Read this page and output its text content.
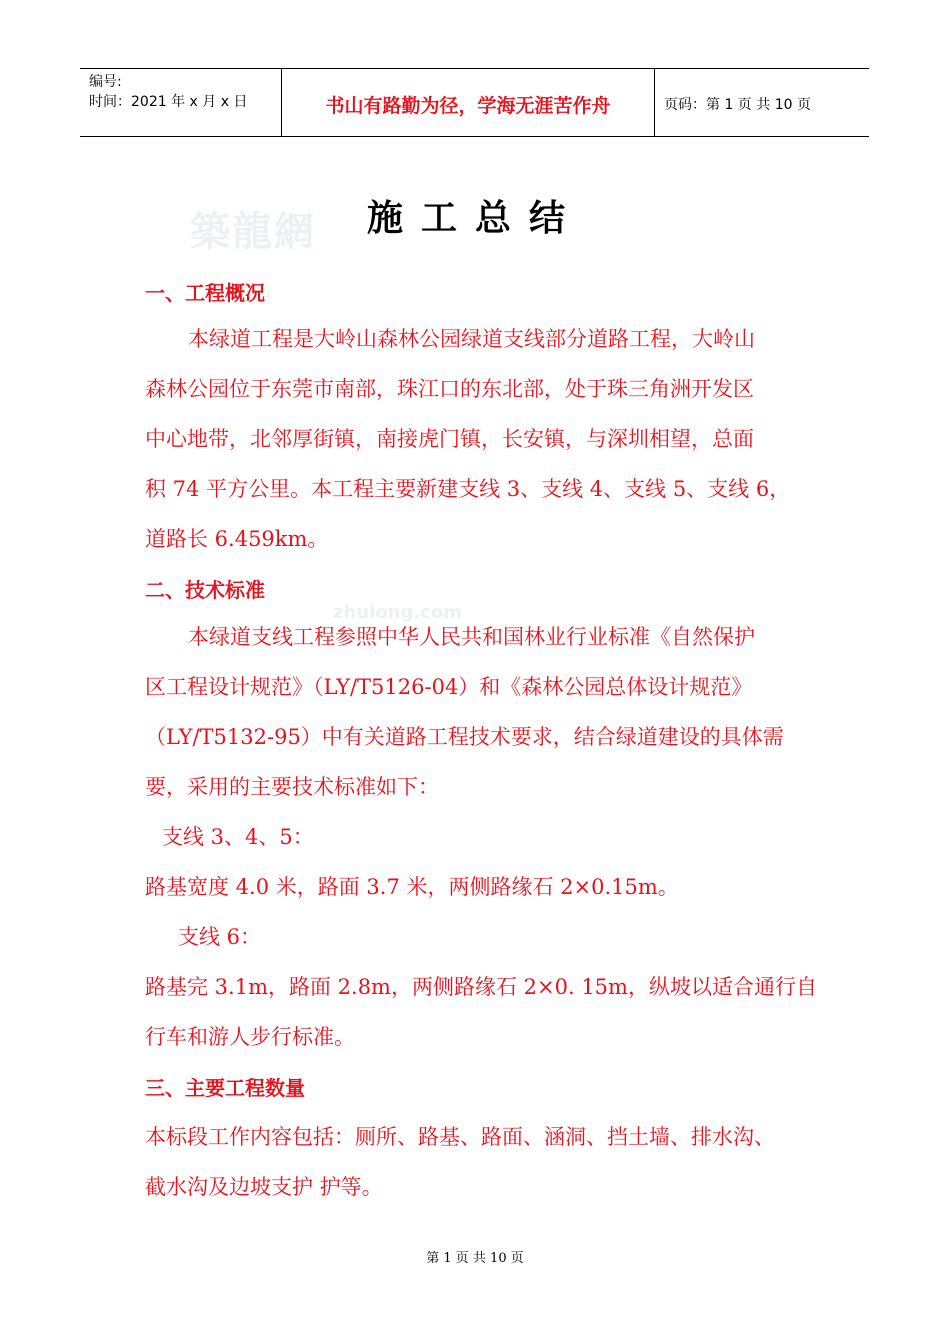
编号:
时间：2021 年 x 月 x 日	书山有路勤为径，学海无涯苦作舟	页码：第 1 页 共 10 页
築龍網
zhulong.com
施工总结
一、工程概况
本绿道工程是大岭山森林公园绿道支线部分道路工程，大岭山
森林公园位于东莞市南部，珠江口的东北部，处于珠三角洲开发区
中心地带，北邻厚街镇，南接虎门镇，长安镇，与深圳相望，总面
积 74 平方公里。本工程主要新建支线 3、支线 4、支线 5、支线 6，
道路长 6.459km。
二、技术标准
本绿道支线工程参照中华人民共和国林业行业标准《自然保护
区工程设计规范》（LY/T5126-04）和《森林公园总体设计规范》
（LY/T5132-95）中有关道路工程技术要求，结合绿道建设的具体需
要，采用的主要技术标准如下：
支线 3、4、5：
路基宽度 4.0 米，路面 3.7 米，两侧路缘石 2×0.15m。
支线 6：
路基完 3.1m，路面 2.8m，两侧路缘石 2×0. 15m，纵坡以适合通行自
行车和游人步行标准。
三、主要工程数量
本标段工作内容包括：厕所、路基、路面、涵洞、挡土墙、排水沟、
截水沟及边坡支护 护等。
第 1 页 共 10 页
